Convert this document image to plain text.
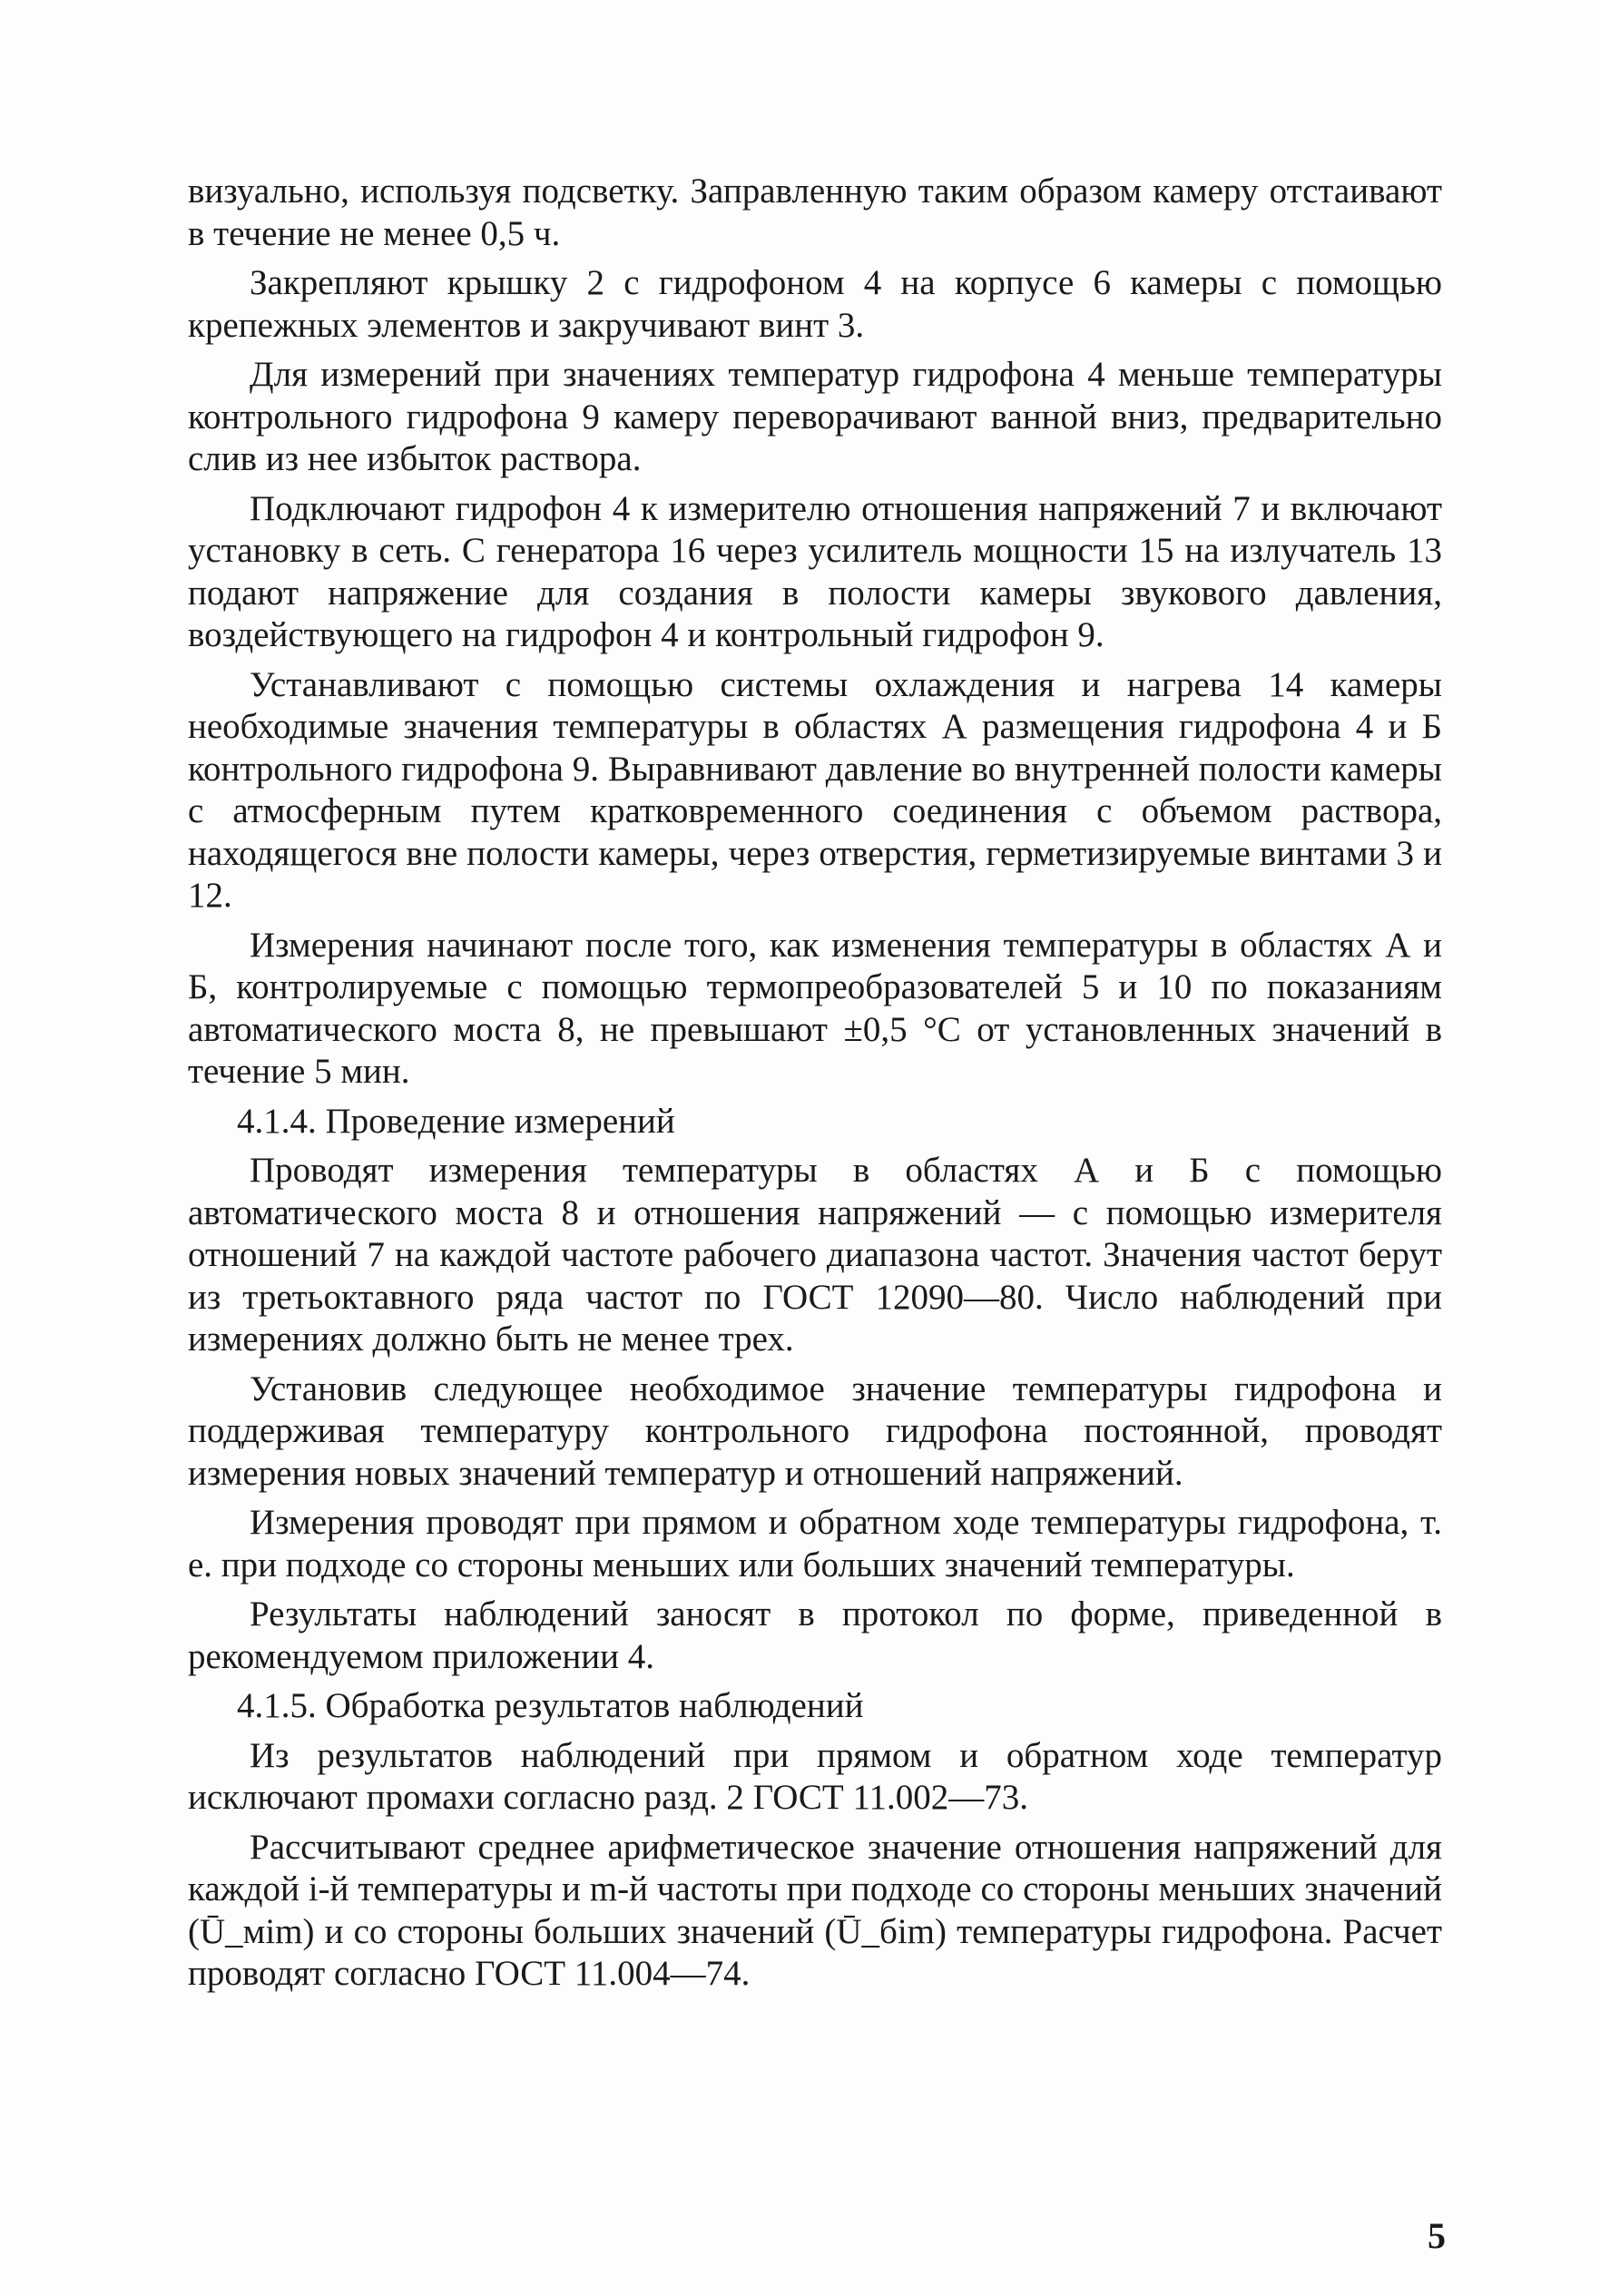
визуально, используя подсветку. Заправленную таким образом камеру отстаивают в течение не менее 0,5 ч.

Закрепляют крышку 2 с гидрофоном 4 на корпусе 6 камеры с помощью крепежных элементов и закручивают винт 3.

Для измерений при значениях температур гидрофона 4 меньше температуры контрольного гидрофона 9 камеру переворачивают ванной вниз, предварительно слив из нее избыток раствора.

Подключают гидрофон 4 к измерителю отношения напряжений 7 и включают установку в сеть. С генератора 16 через усилитель мощности 15 на излучатель 13 подают напряжение для создания в полости камеры звукового давления, воздействующего на гидрофон 4 и контрольный гидрофон 9.

Устанавливают с помощью системы охлаждения и нагрева 14 камеры необходимые значения температуры в областях А размещения гидрофона 4 и Б контрольного гидрофона 9. Выравнивают давление во внутренней полости камеры с атмосферным путем кратковременного соединения с объемом раствора, находящегося вне полости камеры, через отверстия, герметизируемые винтами 3 и 12.

Измерения начинают после того, как изменения температуры в областях А и Б, контролируемые с помощью термопреобразователей 5 и 10 по показаниям автоматического моста 8, не превышают ±0,5 °С от установленных значений в течение 5 мин.

4.1.4. Проведение измерений

Проводят измерения температуры в областях А и Б с помощью автоматического моста 8 и отношения напряжений — с помощью измерителя отношений 7 на каждой частоте рабочего диапазона частот. Значения частот берут из третьоктавного ряда частот по ГОСТ 12090—80. Число наблюдений при измерениях должно быть не менее трех.

Установив следующее необходимое значение температуры гидрофона и поддерживая температуру контрольного гидрофона постоянной, проводят измерения новых значений температур и отношений напряжений.

Измерения проводят при прямом и обратном ходе температуры гидрофона, т. е. при подходе со стороны меньших или больших значений температуры.

Результаты наблюдений заносят в протокол по форме, приведенной в рекомендуемом приложении 4.

4.1.5. Обработка результатов наблюдений

Из результатов наблюдений при прямом и обратном ходе температур исключают промахи согласно разд. 2 ГОСТ 11.002—73.

Рассчитывают среднее арифметическое значение отношения напряжений для каждой i-й температуры и m-й частоты при подходе со стороны меньших значений (Ū_мim) и со стороны больших значений (Ū_бim) температуры гидрофона. Расчет проводят согласно ГОСТ 11.004—74.

5
